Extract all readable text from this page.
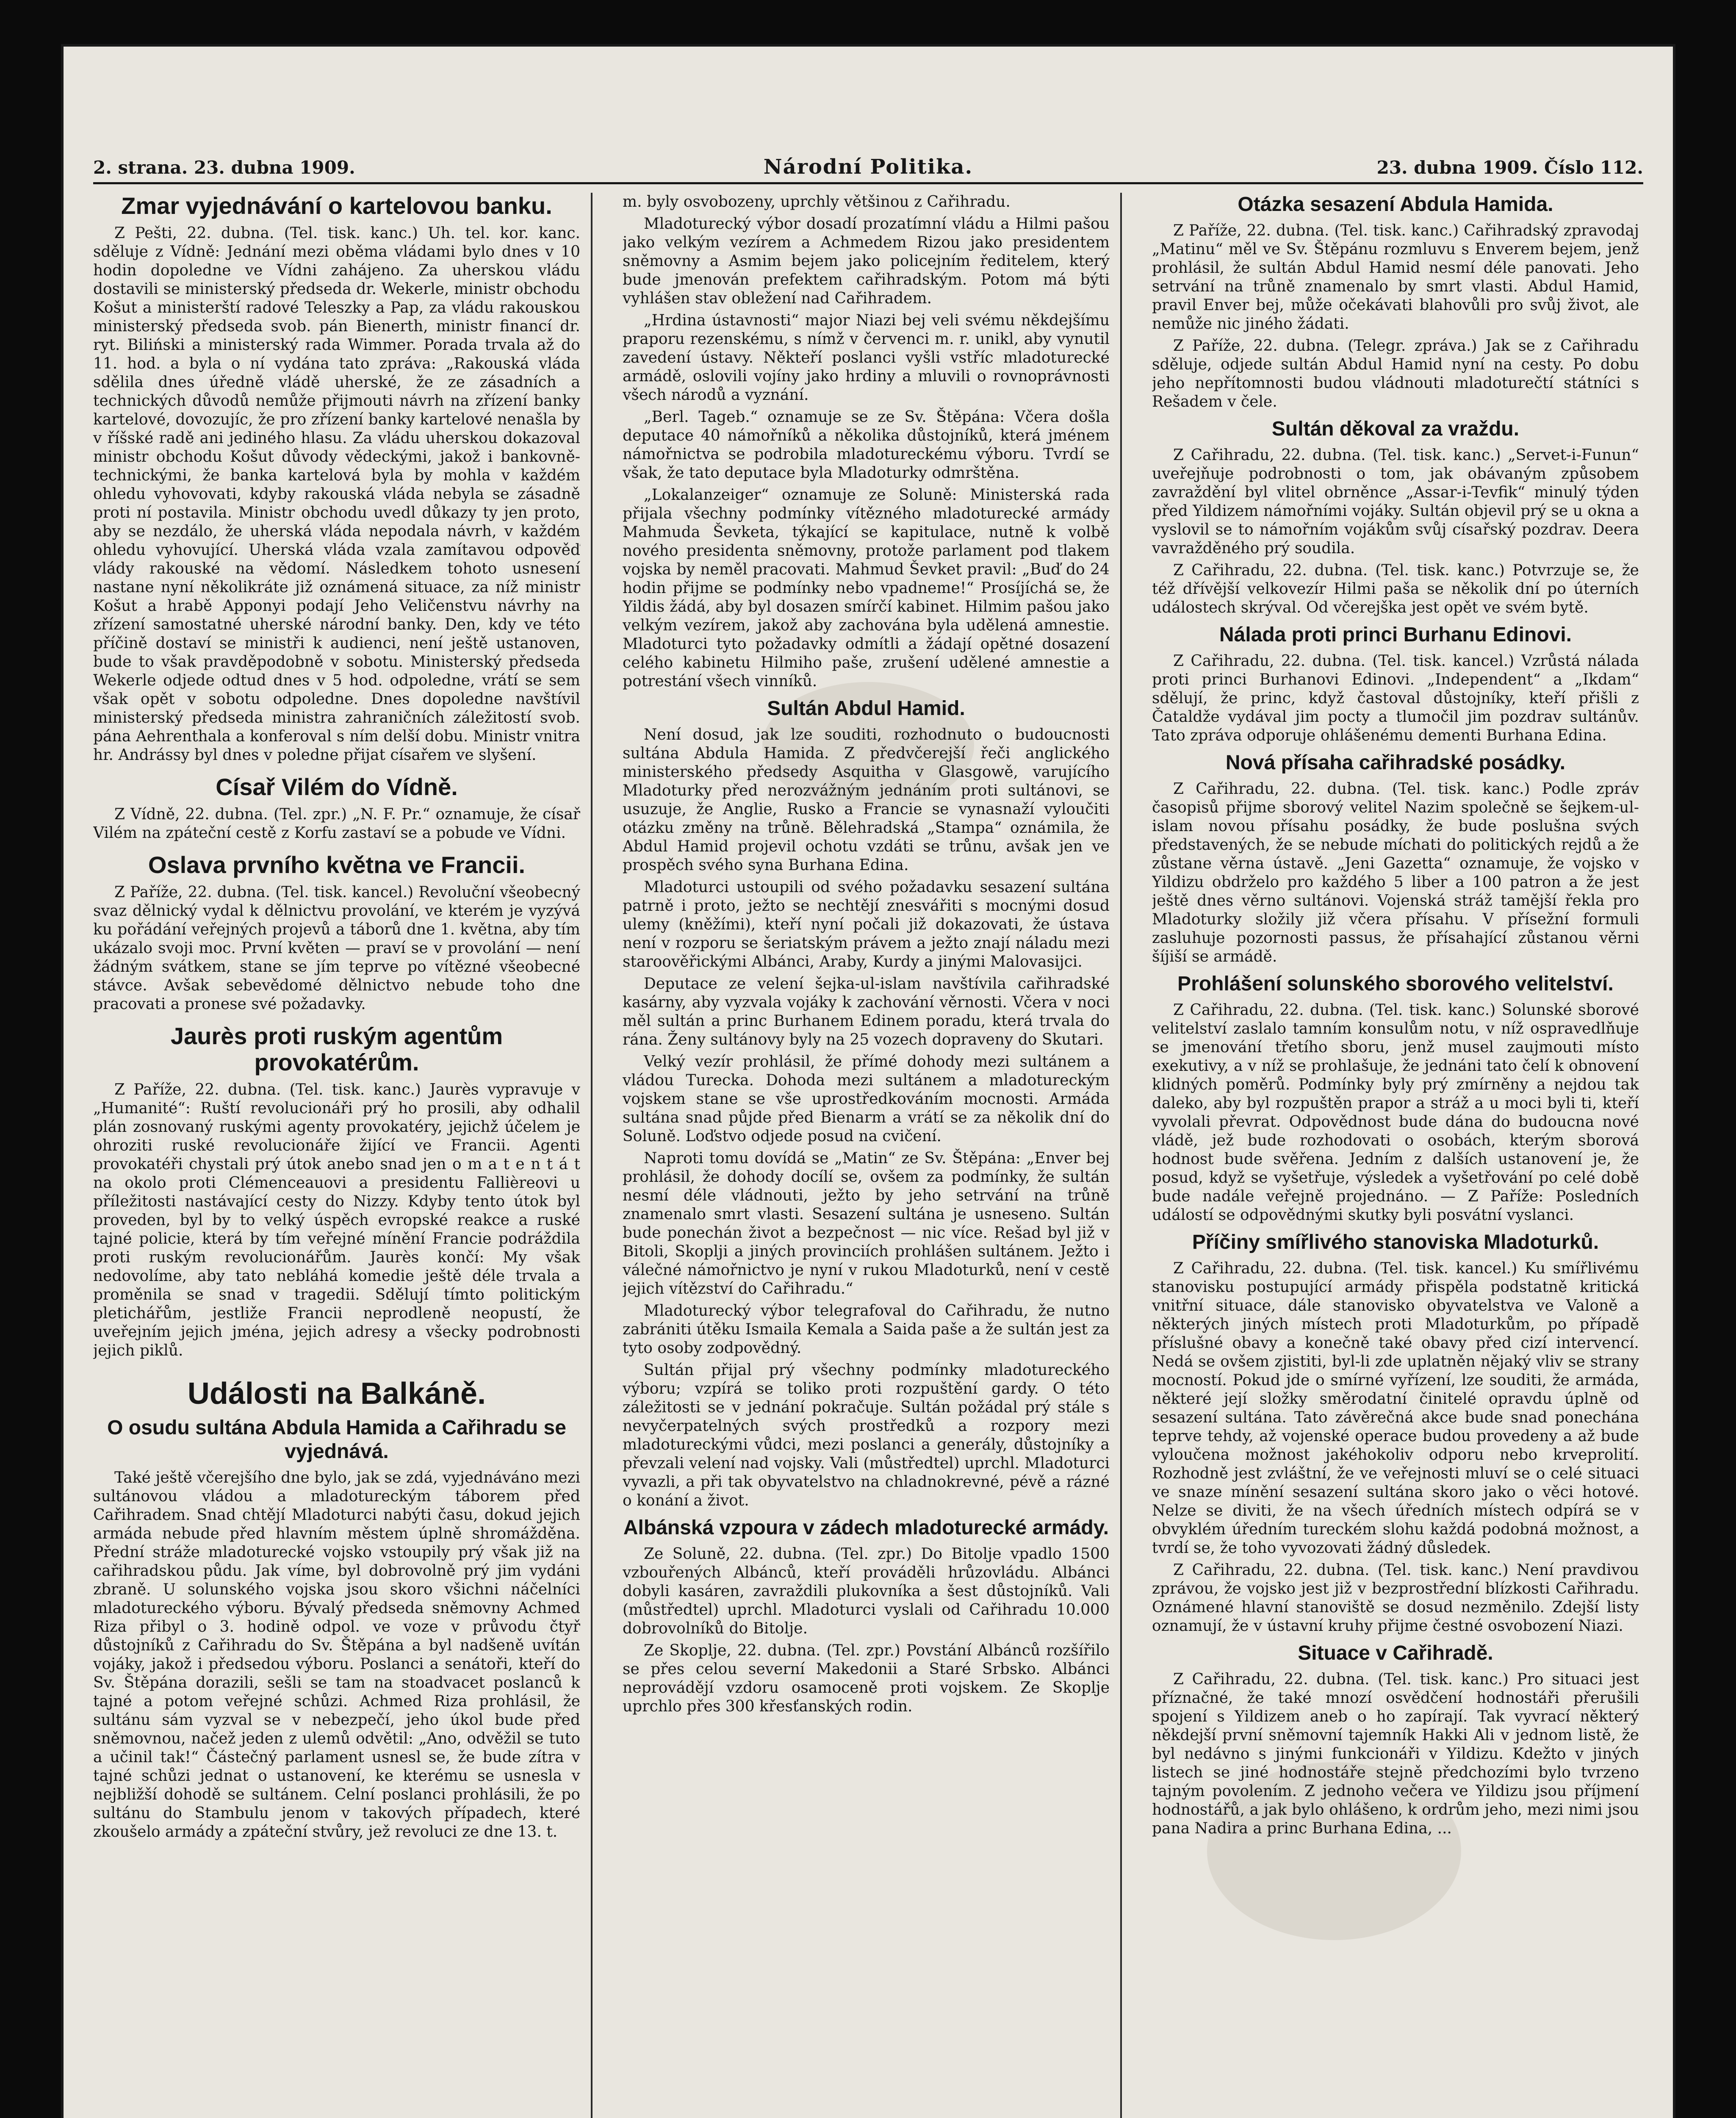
2. strana. 23. dubna 1909.	Národní Politika.	23. dubna 1909. Číslo 112.
Zmar vyjednávání o kartelovou banku.

Z Pešti, 22. dubna. (Tel. tisk. kanc.) Uh. tel. kor. kanc. sděluje z Vídně: Jednání mezi oběma vládami bylo dnes v 10 hodin dopoledne ve Vídni zahájeno. Za uherskou vládu dostavili se ministerský předseda dr. Wekerle, ministr obchodu Košut a ministerští radové Teleszky a Pap, za vládu rakouskou ministerský předseda svob. pán Bienerth, ministr financí dr. ryt. Biliński a ministerský rada Wimmer. Porada trvala až do 11. hod. a byla o ní vydána tato zpráva: „Rakouská vláda sdělila dnes úředně vládě uherské, že ze zásadních a technických důvodů nemůže přijmouti návrh na zřízení banky kartelové, dovozujíc, že pro zřízení banky kartelové nenašla by v říšské radě ani jediného hlasu. Za vládu uherskou dokazoval ministr obchodu Košut důvody vědeckými, jakož i bankovně-technickými, že banka kartelová byla by mohla v každém ohledu vyhovovati, kdyby rakouská vláda nebyla se zásadně proti ní postavila. Ministr obchodu uvedl důkazy ty jen proto, aby se nezdálo, že uherská vláda nepodala návrh, v každém ohledu vyhovující. Uherská vláda vzala zamítavou odpověď vlády rakouské na vědomí. Následkem tohoto usnesení nastane nyní několikráte již oznámená situace, za níž ministr Košut a hrabě Apponyi podají Jeho Veličenstvu návrhy na zřízení samostatné uherské národní banky. Den, kdy ve této příčině dostaví se ministři k audienci, není ještě ustanoven, bude to však pravděpodobně v sobotu. Ministerský předseda Wekerle odjede odtud dnes v 5 hod. odpoledne, vrátí se sem však opět v sobotu odpoledne. Dnes dopoledne navštívil ministerský předseda ministra zahraničních záležitostí svob. pána Aehrenthala a konferoval s ním delší dobu. Ministr vnitra hr. Andrássy byl dnes v poledne přijat císařem ve slyšení.

Císař Vilém do Vídně.

Z Vídně, 22. dubna. (Tel. zpr.) „N. F. Pr.“ oznamuje, že císař Vilém na zpáteční cestě z Korfu zastaví se a pobude ve Vídni.

Oslava prvního května ve Francii.

Z Paříže, 22. dubna. (Tel. tisk. kancel.) Revoluční všeobecný svaz dělnický vydal k dělnictvu provolání, ve kterém je vyzývá ku pořádání veřejných projevů a táborů dne 1. května, aby tím ukázalo svoji moc. První květen — praví se v provolání — není žádným svátkem, stane se jím teprve po vítězné všeobecné stávce. Avšak sebevědomé dělnictvo nebude toho dne pracovati a pronese své požadavky.

Jaurès proti ruským agentům provokatérům.

Z Paříže, 22. dubna. (Tel. tisk. kanc.) Jaurès vypravuje v „Humanité“: Ruští revolucionáři prý ho prosili, aby odhalil plán zosnovaný ruskými agenty provokatéry, jejichž účelem je ohroziti ruské revolucionáře žijící ve Francii. Agenti provokatéři chystali prý útok anebo snad jen o m a t e n t á t na okolo proti Clémenceauovi a presidentu Fallièreovi u příležitosti nastávající cesty do Nizzy. Kdyby tento útok byl proveden, byl by to velký úspěch evropské reakce a ruské tajné policie, která by tím veřejné mínění Francie podráždila proti ruským revolucionářům. Jaurès končí: My však nedovolíme, aby tato nebláhá komedie ještě déle trvala a proměnila se snad v tragedii. Sdělují tímto politickým pletichářům, jestliže Francii neprodleně neopustí, že uveřejním jejich jména, jejich adresy a všecky podrobnosti jejich piklů.

Události na Balkáně.
O osudu sultána Abdula Hamida a Cařihradu se vyjednává.

Také ještě včerejšího dne bylo, jak se zdá, vyjednáváno mezi sultánovou vládou a mladotureckým táborem před Cařihradem. Snad chtějí Mladoturci nabýti času, dokud jejich armáda nebude před hlavním městem úplně shromážděna. Přední stráže mladoturecké vojsko vstoupily prý však již na cařihradskou půdu. Jak víme, byl dobrovolně prý jim vydáni zbraně. U solunského vojska jsou skoro všichni náčelníci mladotureckého výboru. Bývalý předseda sněmovny Achmed Riza přibyl o 3. hodině odpol. ve voze v průvodu čtyř důstojníků z Cařihradu do Sv. Štěpána a byl nadšeně uvítán vojáky, jakož i předsedou výboru. Poslanci a senátoři, kteří do Sv. Štěpána dorazili, sešli se tam na stoadvacet poslanců k tajné a potom veřejné schůzi. Achmed Riza prohlásil, že sultánu sám vyzval se v nebezpečí, jeho úkol bude před sněmovnou, načež jeden z ulemů odvětil: „Ano, odvěžil se tuto a učinil tak!“ Částečný parlament usnesl se, že bude zítra v tajné schůzi jednat o ustanovení, ke kterému se usnesla v nejbližší dohodě se sultánem. Celní poslanci prohlásili, že po sultánu do Stambulu jenom v takových případech, které zkoušelo armády a zpáteční stvůry, jež revoluci ze dne 13. t.

m. byly osvobozeny, uprchly většinou z Cařihradu.

Mladoturecký výbor dosadí prozatímní vládu a Hilmi pašou jako velkým vezírem a Achmedem Rizou jako presidentem sněmovny a Asmim bejem jako policejním ředitelem, který bude jmenován prefektem cařihradským. Potom má býti vyhlášen stav obležení nad Cařihradem.

„Hrdina ústavnosti“ major Niazi bej veli svému někdejšímu praporu rezenskému, s nímž v červenci m. r. unikl, aby vynutil zavedení ústavy. Někteří poslanci vyšli vstříc mladoturecké armádě, oslovili vojíny jako hrdiny a mluvili o rovnoprávnosti všech národů a vyznání.

„Berl. Tageb.“ oznamuje se ze Sv. Štěpána: Včera došla deputace 40 námořníků a několika důstojníků, která jménem námořnictva se podrobila mladotureckému výboru. Tvrdí se však, že tato deputace byla Mladoturky odmrštěna.

„Lokalanzeiger“ oznamuje ze Soluně: Ministerská rada přijala všechny podmínky vítězného mladoturecké armády Mahmuda Ševketa, týkající se kapitulace, nutně k volbě nového presidenta sněmovny, protože parlament pod tlakem vojska by neměl pracovati. Mahmud Ševket pravil: „Buď do 24 hodin přijme se podmínky nebo vpadneme!“ Prosíjíchá se, že Yildis žádá, aby byl dosazen smírčí kabinet. Hilmim pašou jako velkým vezírem, jakož aby zachována byla udělená amnestie. Mladoturci tyto požadavky odmítli a žádají opětné dosazení celého kabinetu Hilmiho paše, zrušení udělené amnestie a potrestání všech vinníků.

Sultán Abdul Hamid.

Není dosud, jak lze souditi, rozhodnuto o budoucnosti sultána Abdula Hamida. Z předvčerejší řeči anglického ministerského předsedy Asquitha v Glasgowě, varujícího Mladoturky před nerozvážným jednáním proti sultánovi, se usuzuje, že Anglie, Rusko a Francie se vynasnaží vyloučiti otázku změny na trůně. Bělehradská „Stampa“ oznámila, že Abdul Hamid projevil ochotu vzdáti se trůnu, avšak jen ve prospěch svého syna Burhana Edina.

Mladoturci ustoupili od svého požadavku sesazení sultána patrně i proto, ježto se nechtějí znesvářiti s mocnými dosud ulemy (kněžími), kteří nyní počali již dokazovati, že ústava není v rozporu se šeriatským právem a ježto znají náladu mezi staroověřickými Albánci, Araby, Kurdy a jinými Malovasijci.

Deputace ze velení šejka-ul-islam navštívila cařihradské kasárny, aby vyzvala vojáky k zachování věrnosti. Včera v noci měl sultán a princ Burhanem Edinem poradu, která trvala do rána. Ženy sultánovy byly na 25 vozech dopraveny do Skutari.

Velký vezír prohlásil, že přímé dohody mezi sultánem a vládou Turecka. Dohoda mezi sultánem a mladotureckým vojskem stane se vše uprostředkováním mocnosti. Armáda sultána snad půjde před Bienarm a vrátí se za několik dní do Soluně. Loďstvo odjede posud na cvičení.

Naproti tomu dovídá se „Matin“ ze Sv. Štěpána: „Enver bej prohlásil, že dohody docílí se, ovšem za podmínky, že sultán nesmí déle vládnouti, ježto by jeho setrvání na trůně znamenalo smrt vlasti. Sesazení sultána je usneseno. Sultán bude ponechán život a bezpečnost — nic více. Rešad byl již v Bitoli, Skoplji a jiných provinciích prohlášen sultánem. Ježto i válečné námořnictvo je nyní v rukou Mladoturků, není v cestě jejich vítězství do Cařihradu.“

Mladoturecký výbor telegrafoval do Cařihradu, že nutno zabrániti útěku Ismaila Kemala a Saida paše a že sultán jest za tyto osoby zodpovědný.

Sultán přijal prý všechny podmínky mladotureckého výboru; vzpírá se toliko proti rozpuštění gardy. O této záležitosti se v jednání pokračuje. Sultán požádal prý stále s nevyčerpatelných svých prostředků a rozpory mezi mladotureckými vůdci, mezi poslanci a generály, důstojníky a převzali velení nad vojsky. Vali (můstředtel) uprchl. Mladoturci vyvazli, a při tak obyvatelstvo na chladnokrevné, pévě a rázné o konání a život.

Albánská vzpoura v zádech mladoturecké armády.

Ze Soluně, 22. dubna. (Tel. zpr.) Do Bitolje vpadlo 1500 vzbouřených Albánců, kteří prováděli hrůzovládu. Albánci dobyli kasáren, zavraždili plukovníka a šest důstojníků. Vali (můstředtel) uprchl. Mladoturci vyslali od Cařihradu 10.000 dobrovolníků do Bitolje.

Ze Skoplje, 22. dubna. (Tel. zpr.) Povstání Albánců rozšířilo se přes celou severní Makedonii a Staré Srbsko. Albánci neprovádějí vzdoru osamoceně proti vojskem. Ze Skoplje uprchlo přes 300 křesťanských rodin.

Otázka sesazení Abdula Hamida.

Z Paříže, 22. dubna. (Tel. tisk. kanc.) Cařihradský zpravodaj „Matinu“ měl ve Sv. Štěpánu rozmluvu s Enverem bejem, jenž prohlásil, že sultán Abdul Hamid nesmí déle panovati. Jeho setrvání na trůně znamenalo by smrt vlasti. Abdul Hamid, pravil Enver bej, může očekávati blahovůli pro svůj život, ale nemůže nic jiného žádati.

Z Paříže, 22. dubna. (Telegr. zpráva.) Jak se z Cařihradu sděluje, odjede sultán Abdul Hamid nyní na cesty. Po dobu jeho nepřítomnosti budou vládnouti mladoturečtí státníci s Rešadem v čele.

Sultán děkoval za vraždu.

Z Cařihradu, 22. dubna. (Tel. tisk. kanc.) „Servet-i-Funun“ uveřejňuje podrobnosti o tom, jak obávaným způsobem zavraždění byl vlitel obrněnce „Assar-i-Tevfik“ minulý týden před Yildizem námořními vojáky. Sultán objevil prý se u okna a vyslovil se to námořním vojákům svůj císařský pozdrav. Deera vavražděného prý soudila.

Z Cařihradu, 22. dubna. (Tel. tisk. kanc.) Potvrzuje se, že též dřívější velkovezír Hilmi paša se několik dní po úterních událostech skrýval. Od včerejška jest opět ve svém bytě.

Nálada proti princi Burhanu Edinovi.

Z Cařihradu, 22. dubna. (Tel. tisk. kancel.) Vzrůstá nálada proti princi Burhanovi Edinovi. „Independent“ a „Ikdam“ sdělují, že princ, když častoval důstojníky, kteří přišli z Čataldže vydával jim pocty a tlumočil jim pozdrav sultánův. Tato zpráva odporuje ohlášenému dementi Burhana Edina.

Nová přísaha cařihradské posádky.

Z Cařihradu, 22. dubna. (Tel. tisk. kanc.) Podle zpráv časopisů přijme sborový velitel Nazim společně se šejkem-ul-islam novou přísahu posádky, že bude poslušna svých představených, že se nebude míchati do politických rejdů a že zůstane věrna ústavě. „Jeni Gazetta“ oznamuje, že vojsko v Yildizu obdrželo pro každého 5 liber a 100 patron a že jest ještě dnes věrno sultánovi. Vojenská stráž tamější řekla pro Mladoturky složily již včera přísahu. V přísežní formuli zasluhuje pozornosti passus, že přísahající zůstanou věrni šíjiší se armádě.

Prohlášení solunského sborového velitelství.

Z Cařihradu, 22. dubna. (Tel. tisk. kanc.) Solunské sborové velitelství zaslalo tamním konsulům notu, v níž ospravedlňuje se jmenování třetího sboru, jenž musel zaujmouti místo exekutivy, a v níž se prohlašuje, že jednáni tato čelí k obnovení klidných poměrů. Podmínky byly prý zmírněny a nejdou tak daleko, aby byl rozpuštěn prapor a stráž a u moci byli ti, kteří vyvolali převrat. Odpovědnost bude dána do budoucna nové vládě, jež bude rozhodovati o osobách, kterým sborová hodnost bude svěřena. Jedním z dalších ustanovení je, že posud, když se vyšetřuje, výsledek a vyšetřování po celé době bude nadále veřejně projednáno. — Z Paříže: Posledních událostí se odpovědnými skutky byli posvátní vyslanci.

Příčiny smířlivého stanoviska Mladoturků.

Z Cařihradu, 22. dubna. (Tel. tisk. kancel.) Ku smířlivému stanovisku postupující armády přispěla podstatně kritická vnitřní situace, dále stanovisko obyvatelstva ve Valoně a některých jiných místech proti Mladoturkům, po případě příslušné obavy a konečně také obavy před cizí intervencí. Nedá se ovšem zjistiti, byl-li zde uplatněn nějaký vliv se strany mocností. Pokud jde o smírné vyřízení, lze souditi, že armáda, některé její složky směrodatní činitelé opravdu úplně od sesazení sultána. Tato závěrečná akce bude snad ponechána teprve tehdy, až vojenské operace budou provedeny a až bude vyloučena možnost jakéhokoliv odporu nebo krveprolití. Rozhodně jest zvláštní, že ve veřejnosti mluví se o celé situaci ve snaze mínění sesazení sultána skoro jako o věci hotové. Nelze se diviti, že na všech úředních místech odpírá se v obvyklém úředním tureckém slohu každá podobná možnost, a tvrdí se, že toho vyvozovati žádný důsledek.

Z Cařihradu, 22. dubna. (Tel. tisk. kanc.) Není pravdivou zprávou, že vojsko jest již v bezprostřední blízkosti Cařihradu. Oznámené hlavní stanoviště se dosud nezměnilo. Zdejší listy oznamují, že v ústavní kruhy přijme čestné osvobození Niazi.

Situace v Cařihradě.

Z Cařihradu, 22. dubna. (Tel. tisk. kanc.) Pro situaci jest příznačné, že také mnozí osvědčení hodnostáři přerušili spojení s Yildizem aneb o ho zapírají. Tak vyvrací některý někdejší první sněmovní tajemník Hakki Ali v jednom listě, že byl nedávno s jinými funkcionáři v Yildizu. Kdežto v jiných listech se jiné hodnostáře stejně předchozími bylo tvrzeno tajným povolením. Z jednoho večera ve Yildizu jsou příjmení hodnostářů, a jak bylo ohlášeno, k ordrům jeho, mezi nimi jsou pana Nadira a princ Burhana Edina, ...
